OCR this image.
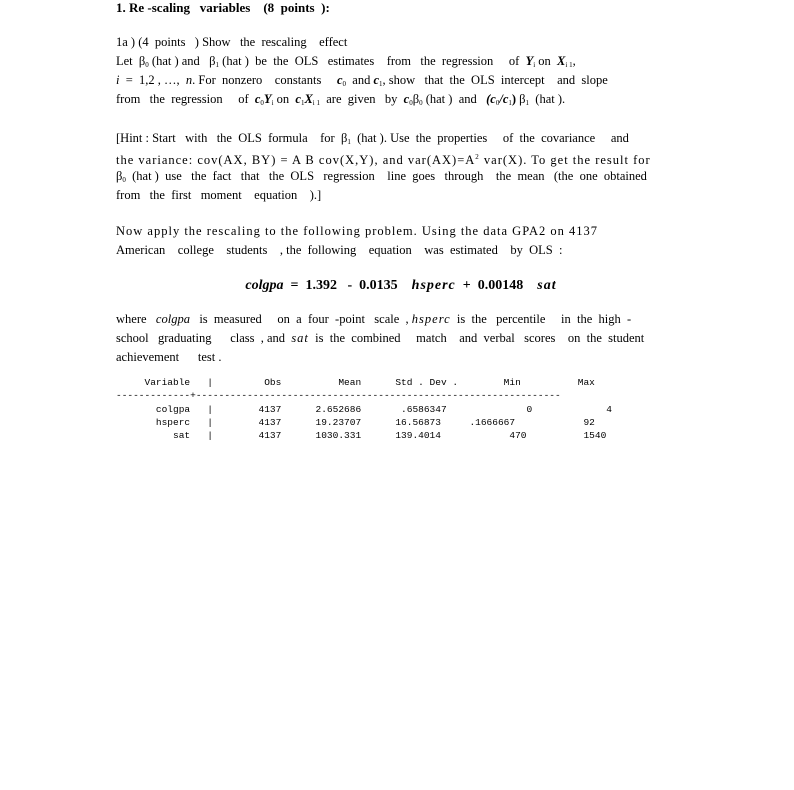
1. Re -scaling   variables    (8  points  ):
1a ) (4  points   ) Show   the  rescaling    effect
Let  $\beta_0$ (hat ) and   $\beta_1$ (hat )  be  the  OLS   estimates    from   the  regression     of  $Y_i$ on  $X_{i 1}$,
i  =  1,2 , …,  n. For  nonzero    constants     $c_0$  and $c_1$, show   that  the  OLS  intercept    and  slope
from   the  regression     of  $c_0Y_i$ on  $c_1X_{i 1}$  are  given   by  $c_0\beta_0$ (hat )  and   $(c_0/c_1)$ $\beta_1$  (hat ).
[Hint : Start   with   the  OLS  formula    for  $\beta_1$  (hat ). Use  the  properties     of  the  covariance     and
the variance: cov(AX, BY) = A B cov(X,Y), and $var(AX)=A^2$ var(X). To get the result for
$\beta_0$  (hat )  use   the  fact   that   the  OLS   regression    line  goes   through    the  mean   (the  one  obtained
from   the  first   moment    equation    ).]
Now apply the rescaling to the following problem. Using the data GPA2 on 4137
American    college    students    , the  following    equation    was  estimated    by  OLS  :
colgpa  =  1.392   -  0.0135 hsperc  +  0.00148 sat
where   colgpa   is  measured     on  a  four  -point   scale  , hsperc  is  the   percentile     in  the  high  -
school   graduating      class  , and  sat  is  the  combined     match    and  verbal   scores    on  the  student
achievement      test .
Variable   |         Obs          Mean      Std . Dev .        Min          Max
-------------+----------------------------------------------------------------
colgpa   |        4137      2.652686       .6586347              0             4
hsperc   |        4137      19.23707      16.56873     .1666667            92
sat   |        4137      1030.331      139.4014            470          1540
